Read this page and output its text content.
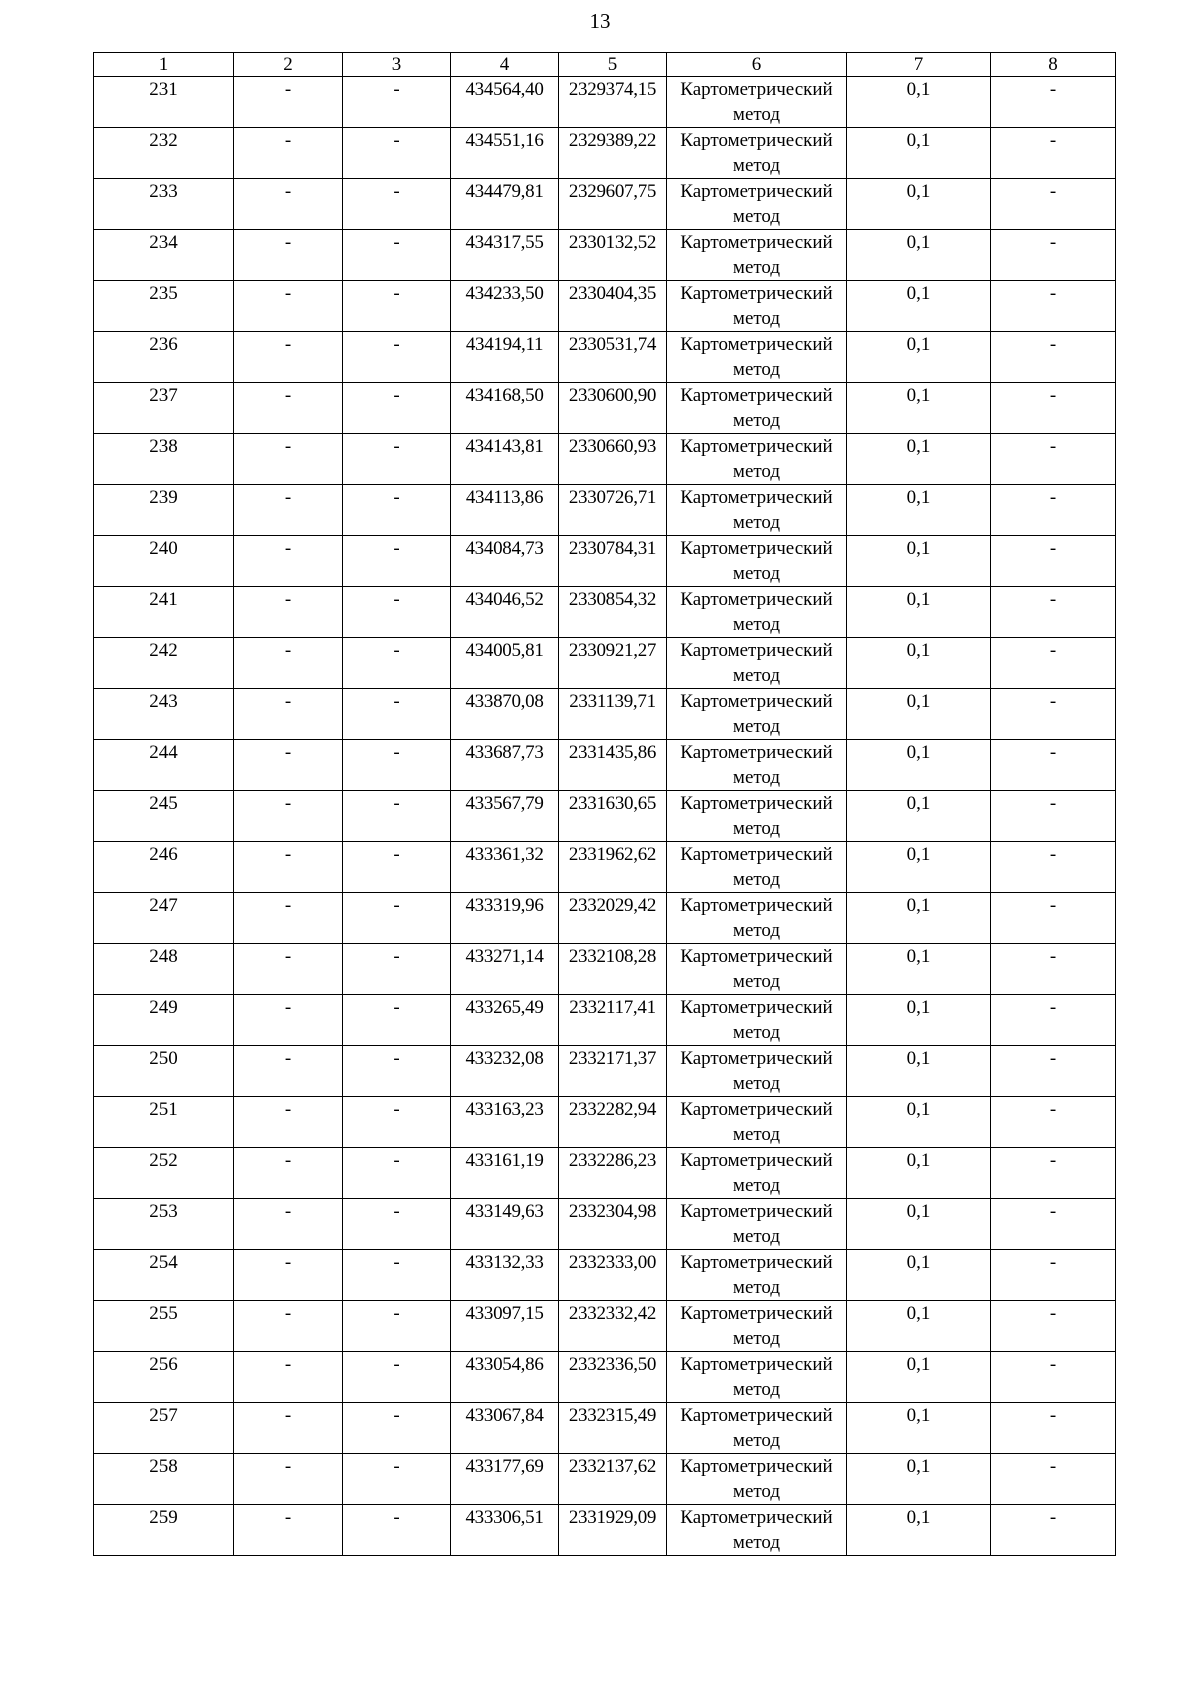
13
1	2	3	4	5	6	7	8
231	-	-	434564,40	2329374,15	Картометрический метод	0,1	-
232	-	-	434551,16	2329389,22	Картометрический метод	0,1	-
233	-	-	434479,81	2329607,75	Картометрический метод	0,1	-
234	-	-	434317,55	2330132,52	Картометрический метод	0,1	-
235	-	-	434233,50	2330404,35	Картометрический метод	0,1	-
236	-	-	434194,11	2330531,74	Картометрический метод	0,1	-
237	-	-	434168,50	2330600,90	Картометрический метод	0,1	-
238	-	-	434143,81	2330660,93	Картометрический метод	0,1	-
239	-	-	434113,86	2330726,71	Картометрический метод	0,1	-
240	-	-	434084,73	2330784,31	Картометрический метод	0,1	-
241	-	-	434046,52	2330854,32	Картометрический метод	0,1	-
242	-	-	434005,81	2330921,27	Картометрический метод	0,1	-
243	-	-	433870,08	2331139,71	Картометрический метод	0,1	-
244	-	-	433687,73	2331435,86	Картометрический метод	0,1	-
245	-	-	433567,79	2331630,65	Картометрический метод	0,1	-
246	-	-	433361,32	2331962,62	Картометрический метод	0,1	-
247	-	-	433319,96	2332029,42	Картометрический метод	0,1	-
248	-	-	433271,14	2332108,28	Картометрический метод	0,1	-
249	-	-	433265,49	2332117,41	Картометрический метод	0,1	-
250	-	-	433232,08	2332171,37	Картометрический метод	0,1	-
251	-	-	433163,23	2332282,94	Картометрический метод	0,1	-
252	-	-	433161,19	2332286,23	Картометрический метод	0,1	-
253	-	-	433149,63	2332304,98	Картометрический метод	0,1	-
254	-	-	433132,33	2332333,00	Картометрический метод	0,1	-
255	-	-	433097,15	2332332,42	Картометрический метод	0,1	-
256	-	-	433054,86	2332336,50	Картометрический метод	0,1	-
257	-	-	433067,84	2332315,49	Картометрический метод	0,1	-
258	-	-	433177,69	2332137,62	Картометрический метод	0,1	-
259	-	-	433306,51	2331929,09	Картометрический метод	0,1	-
